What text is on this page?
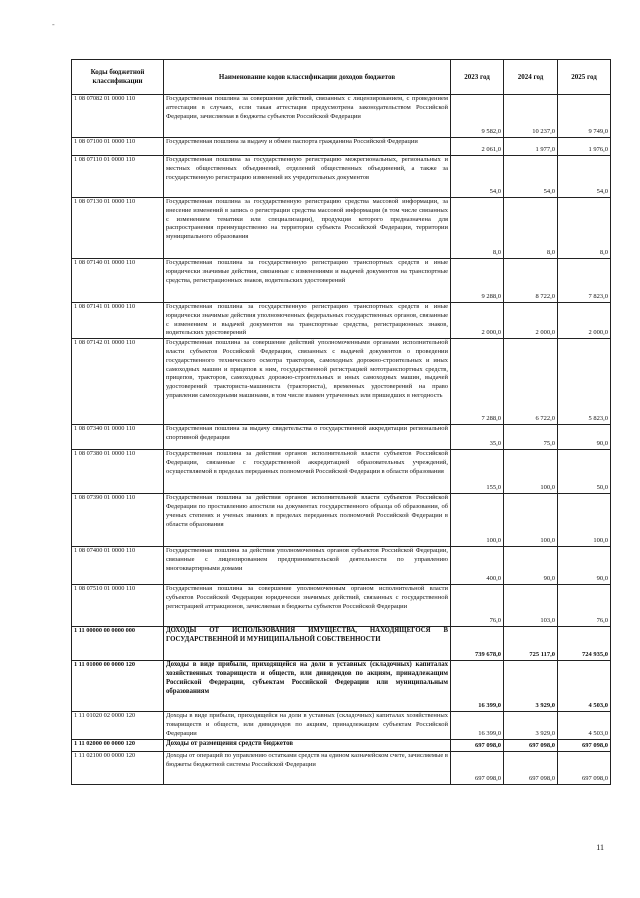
-
Коды бюджетной классификации	Наименование кодов классификации доходов бюджетов	2023 год	2024 год	2025 год
1 08 07082 01 0000 110	Государственная пошлина за совершение действий, связанных с лицензированием, с проведением аттестации в случаях, если такая аттестация предусмотрена законодательством Российской Федерации, зачисляемая в бюджеты субъектов Российской Федерации	9 582,0	10 237,0	9 749,0
1 08 07100 01 0000 110	Государственная пошлина за выдачу и обмен паспорта гражданина Российской Федерации	2 061,0	1 977,0	1 976,0
1 08 07110 01 0000 110	Государственная пошлина за государственную регистрацию межрегиональных, региональных и местных общественных объединений, отделений общественных объединений, а также за государственную регистрацию изменений их учредительных документов	54,0	54,0	54,0
1 08 07130 01 0000 110	Государственная пошлина за государственную регистрацию средства массовой информации, за внесение изменений в запись о регистрации средства массовой информации (в том числе связанных с изменением тематики или специализации), продукция которого предназначена для распространения преимущественно на территории субъекта Российской Федерации, территории муниципального образования	8,0	8,0	8,0
1 08 07140 01 0000 110	Государственная пошлина за государственную регистрацию транспортных средств и иные юридически значимые действия, связанные с изменениями и выдачей документов на транспортные средства, регистрационных знаков, водительских удостоверений	9 288,0	8 722,0	7 823,0
1 08 07141 01 0000 110	Государственная пошлина за государственную регистрацию транспортных средств и иные юридически значимые действия уполномоченных федеральных государственных органов, связанные с изменением и выдачей документов на транспортные средства, регистрационных знаков, водительских удостоверений	2 000,0	2 000,0	2 000,0
1 08 07142 01 0000 110	Государственная пошлина за совершение действий уполномоченными органами исполнительной власти субъектов Российской Федерации, связанных с выдачей документов о проведении государственного технического осмотра тракторов, самоходных дорожно-строительных и иных самоходных машин и прицепов к ним, государственной регистрацией мототранспортных средств, прицепов, тракторов, самоходных дорожно-строительных и иных самоходных машин, выдачей удостоверений тракториста-машиниста (тракториста), временных удостоверений на право управления самоходными машинами, в том числе взамен утраченных или пришедших в негодность	7 288,0	6 722,0	5 823,0
1 08 07340 01 0000 110	Государственная пошлина за выдачу свидетельства о государственной аккредитации региональной спортивной федерации	35,0	75,0	90,0
1 08 07380 01 0000 110	Государственная пошлина за действия органов исполнительной власти субъектов Российской Федерации, связанные с государственной аккредитацией образовательных учреждений, осуществляемой в пределах переданных полномочий Российской Федерации в области образования	155,0	100,0	50,0
1 08 07390 01 0000 110	Государственная пошлина за действия органов исполнительной власти субъектов Российской Федерации по проставлению апостиля на документах государственного образца об образовании, об ученых степенях и ученых званиях в пределах переданных полномочий Российской Федерации в области образования	100,0	100,0	100,0
1 08 07400 01 0000 110	Государственная пошлина за действия уполномоченных органов субъектов Российской Федерации, связанные с лицензированием предпринимательской деятельности по управлению многоквартирными домами	400,0	90,0	90,0
1 08 07510 01 0000 110	Государственная пошлина за совершение уполномоченным органом исполнительной власти субъектов Российской Федерации юридически значимых действий, связанных с государственной регистрацией аттракционов, зачисляемая в бюджеты субъектов Российской Федерации	76,0	103,0	76,0
1 11 00000 00 0000 000	ДОХОДЫ ОТ ИСПОЛЬЗОВАНИЯ ИМУЩЕСТВА, НАХОДЯЩЕГОСЯ В ГОСУДАРСТВЕННОЙ И МУНИЦИПАЛЬНОЙ СОБСТВЕННОСТИ	739 678,0	725 117,0	724 935,0
1 11 01000 00 0000 120	Доходы в виде прибыли, приходящейся на доли в уставных (складочных) капиталах хозяйственных товариществ и обществ, или дивидендов по акциям, принадлежащим Российской Федерации, субъектам Российской Федерации или муниципальным образованиям	16 399,0	3 929,0	4 503,0
1 11 01020 02 0000 120	Доходы в виде прибыли, приходящейся на доли в уставных (складочных) капиталах хозяйственных товариществ и обществ, или дивидендов по акциям, принадлежащим субъектам Российской Федерации	16 399,0	3 929,0	4 503,0
1 11 02000 00 0000 120	Доходы от размещения средств бюджетов	697 098,0	697 098,0	697 098,0
1 11 02100 00 0000 120	Доходы от операций по управлению остатками средств на едином казначейском счете, зачисляемые в бюджеты бюджетной системы Российской Федерации	697 098,0	697 098,0	697 098,0
11
